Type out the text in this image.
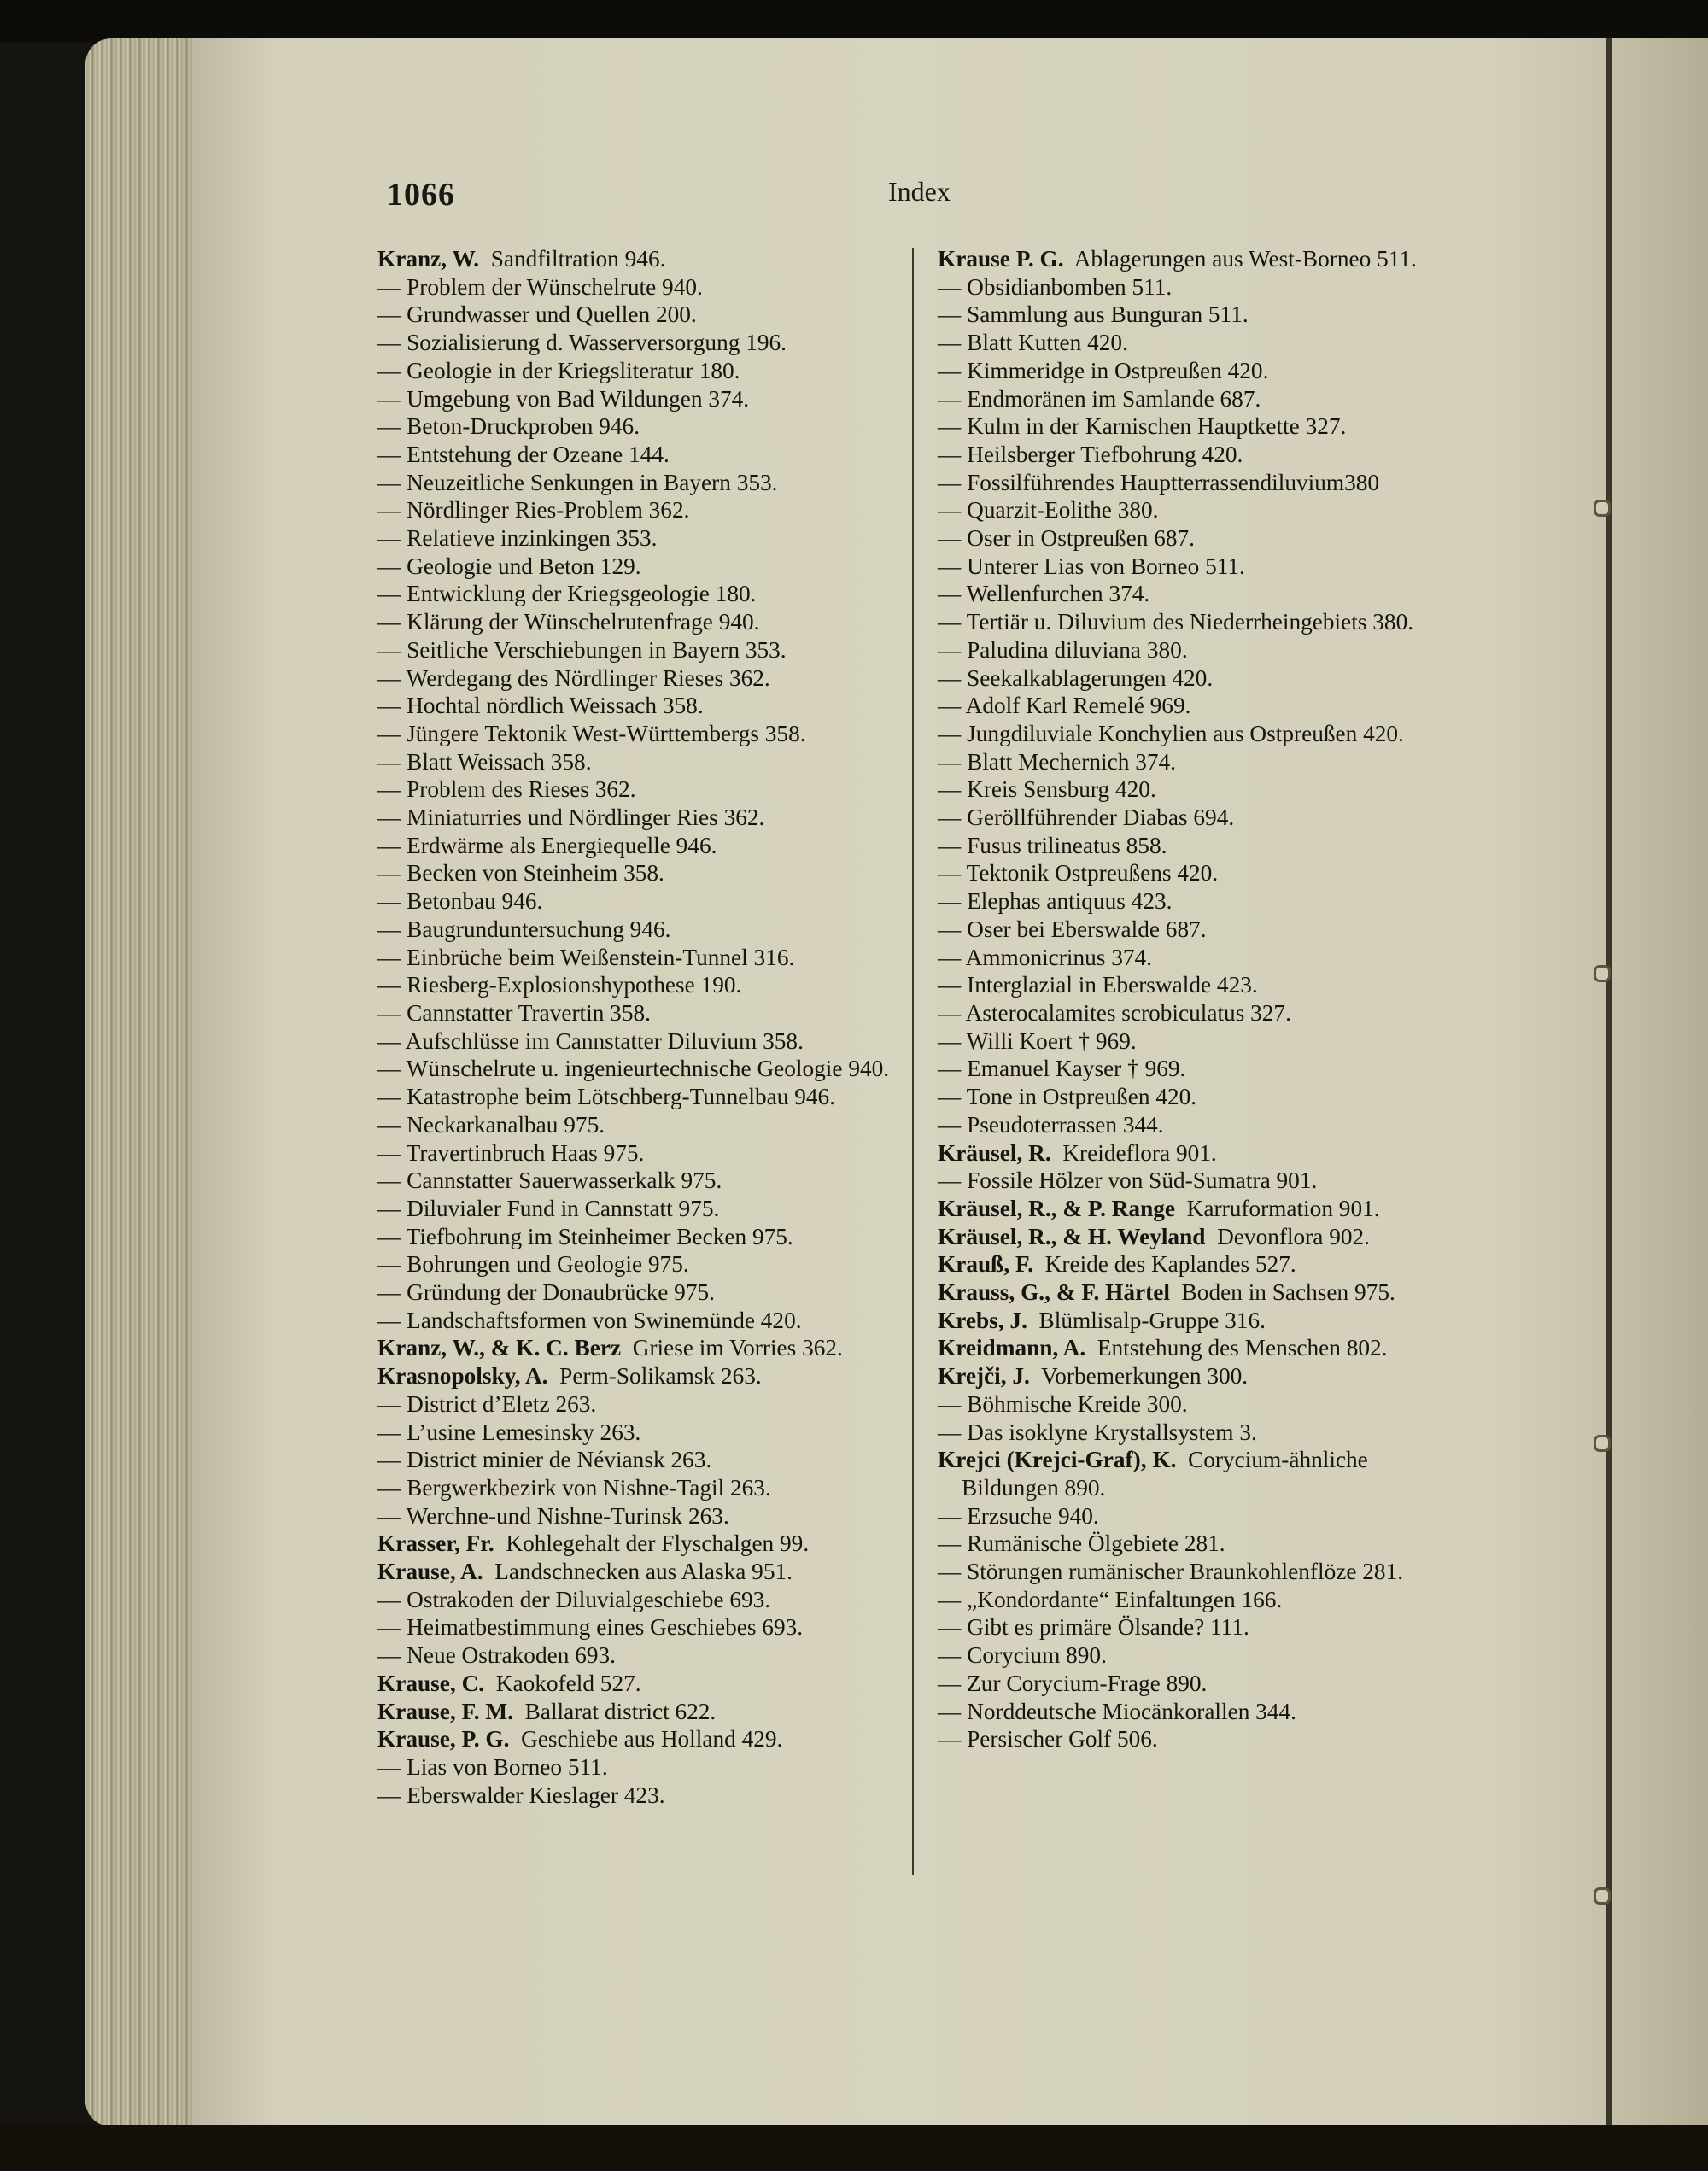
1066	Index
Kranz, W.  Sandfiltration 946.
— Problem der Wünschelrute 940.
— Grundwasser und Quellen 200.
— Sozialisierung d. Wasserversorgung 196.
— Geologie in der Kriegsliteratur 180.
— Umgebung von Bad Wildungen 374.
— Beton-Druckproben 946.
— Entstehung der Ozeane 144.
— Neuzeitliche Senkungen in Bayern 353.
— Nördlinger Ries-Problem 362.
— Relatieve inzinkingen 353.
— Geologie und Beton 129.
— Entwicklung der Kriegsgeologie 180.
— Klärung der Wünschelrutenfrage 940.
— Seitliche Verschiebungen in Bayern 353.
— Werdegang des Nördlinger Rieses 362.
— Hochtal nördlich Weissach 358.
— Jüngere Tektonik West-Württembergs 358.
— Blatt Weissach 358.
— Problem des Rieses 362.
— Miniaturries und Nördlinger Ries 362.
— Erdwärme als Energiequelle 946.
— Becken von Steinheim 358.
— Betonbau 946.
— Baugrunduntersuchung 946.
— Einbrüche beim Weißenstein-Tunnel 316.
— Riesberg-Explosionshypothese 190.
— Cannstatter Travertin 358.
— Aufschlüsse im Cannstatter Diluvium 358.
— Wünschelrute u. ingenieurtechnische Geologie 940.
— Katastrophe beim Lötschberg-Tunnelbau 946.
— Neckarkanalbau 975.
— Travertinbruch Haas 975.
— Cannstatter Sauerwasserkalk 975.
— Diluvialer Fund in Cannstatt 975.
— Tiefbohrung im Steinheimer Becken 975.
— Bohrungen und Geologie 975.
— Gründung der Donaubrücke 975.
— Landschaftsformen von Swinemünde 420.
Kranz, W., & K. C. Berz  Griese im Vorries 362.
Krasnopolsky, A.  Perm-Solikamsk 263.
— District d’Eletz 263.
— L’usine Lemesinsky 263.
— District minier de Néviansk 263.
— Bergwerkbezirk von Nishne-Tagil 263.
— Werchne-und Nishne-Turinsk 263.
Krasser, Fr.  Kohlegehalt der Flyschalgen 99.
Krause, A.  Landschnecken aus Alaska 951.
— Ostrakoden der Diluvialgeschiebe 693.
— Heimatbestimmung eines Geschiebes 693.
— Neue Ostrakoden 693.
Krause, C.  Kaokofeld 527.
Krause, F. M.  Ballarat district 622.
Krause, P. G.  Geschiebe aus Holland 429.
— Lias von Borneo 511.
— Eberswalder Kieslager 423.
Krause P. G.  Ablagerungen aus West-Borneo 511.
— Obsidianbomben 511.
— Sammlung aus Bunguran 511.
— Blatt Kutten 420.
— Kimmeridge in Ostpreußen 420.
— Endmoränen im Samlande 687.
— Kulm in der Karnischen Hauptkette 327.
— Heilsberger Tiefbohrung 420.
— Fossilführendes Hauptterrassendiluvium380
— Quarzit-Eolithe 380.
— Oser in Ostpreußen 687.
— Unterer Lias von Borneo 511.
— Wellenfurchen 374.
— Tertiär u. Diluvium des Niederrheingebiets 380.
— Paludina diluviana 380.
— Seekalkablagerungen 420.
— Adolf Karl Remelé 969.
— Jungdiluviale Konchylien aus Ostpreußen 420.
— Blatt Mechernich 374.
— Kreis Sensburg 420.
— Geröllführender Diabas 694.
— Fusus trilineatus 858.
— Tektonik Ostpreußens 420.
— Elephas antiquus 423.
— Oser bei Eberswalde 687.
— Ammonicrinus 374.
— Interglazial in Eberswalde 423.
— Asterocalamites scrobiculatus 327.
— Willi Koert † 969.
— Emanuel Kayser † 969.
— Tone in Ostpreußen 420.
— Pseudoterrassen 344.
Kräusel, R.  Kreideflora 901.
— Fossile Hölzer von Süd-Sumatra 901.
Kräusel, R., & P. Range  Karruformation 901.
Kräusel, R., & H. Weyland  Devonflora 902.
Krauß, F.  Kreide des Kaplandes 527.
Krauss, G., & F. Härtel  Boden in Sachsen 975.
Krebs, J.  Blümlisalp-Gruppe 316.
Kreidmann, A.  Entstehung des Menschen 802.
Krejči, J.  Vorbemerkungen 300.
— Böhmische Kreide 300.
— Das isoklyne Krystallsystem 3.
Krejci (Krejci-Graf), K.  Corycium-ähnliche Bildungen 890.
— Erzsuche 940.
— Rumänische Ölgebiete 281.
— Störungen rumänischer Braunkohlenflöze 281.
— „Kondordante“ Einfaltungen 166.
— Gibt es primäre Ölsande? 111.
— Corycium 890.
— Zur Corycium-Frage 890.
— Norddeutsche Miocänkorallen 344.
— Persischer Golf 506.
